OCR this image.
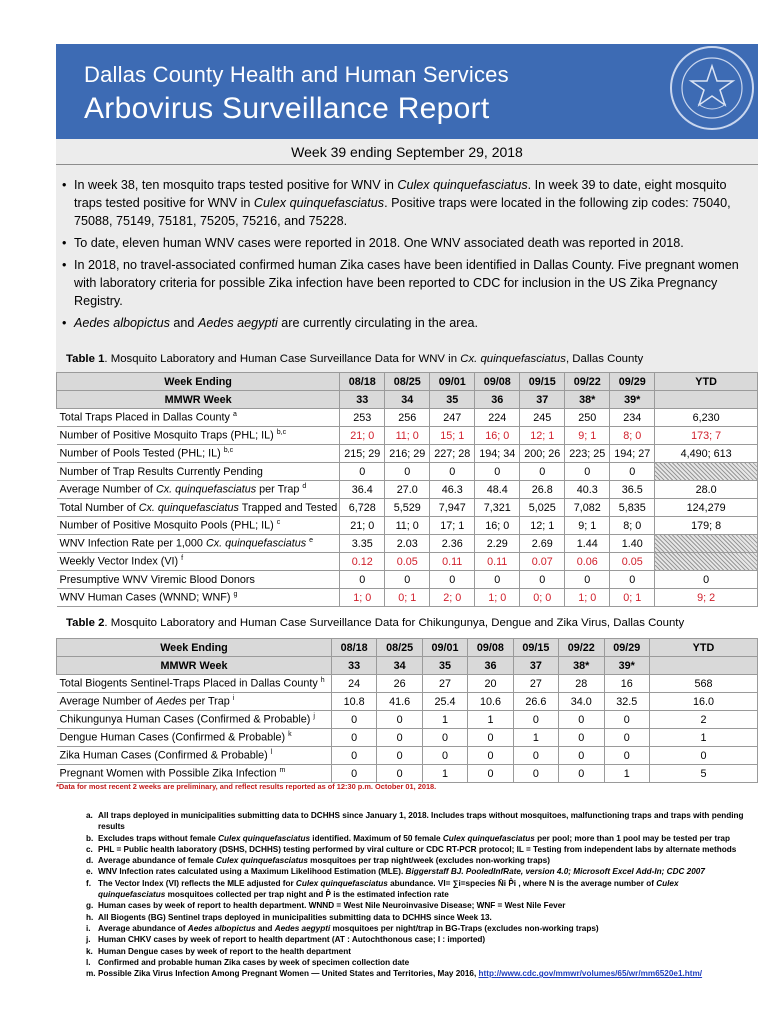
Dallas County Health and Human Services
Arbovirus Surveillance Report
Week 39 ending September 29, 2018
• In week 38, ten mosquito traps tested positive for WNV in Culex quinquefasciatus. In week 39 to date, eight mosquito traps tested positive for WNV in Culex quinquefasciatus. Positive traps were located in the following zip codes: 75040, 75088, 75149, 75181, 75205, 75216, and 75228.
• To date, eleven human WNV cases were reported in 2018. One WNV associated death was reported in 2018.
• In 2018, no travel-associated confirmed human Zika cases have been identified in Dallas County. Five pregnant women with laboratory criteria for possible Zika infection have been reported to CDC for inclusion in the US Zika Pregnancy Registry.
• Aedes albopictus and Aedes aegypti are currently circulating in the area.
Table 1. Mosquito Laboratory and Human Case Surveillance Data for WNV in Cx. quinquefasciatus, Dallas County
Week Ending	08/18	08/25	09/01	09/08	09/15	09/22	09/29	YTD
MMWR Week	33	34	35	36	37	38*	39*	
Total Traps Placed in Dallas County $^a$	253	256	247	224	245	250	234	6,230
Number of Positive Mosquito Traps (PHL; IL) $^{b,c}$	21; 0	11; 0	15; 1	16; 0	12; 1	9; 1	8; 0	173; 7
Number of Pools Tested (PHL; IL) $^{b,c}$	215; 29	216; 29	227; 28	194; 34	200; 26	223; 25	194; 27	4,490; 613
Number of Trap Results Currently Pending	0	0	0	0	0	0	0	
Average Number of Cx. quinquefasciatus per Trap $^d$	36.4	27.0	46.3	48.4	26.8	40.3	36.5	28.0
Total Number of Cx. quinquefasciatus Trapped and Tested	6,728	5,529	7,947	7,321	5,025	7,082	5,835	124,279
Number of Positive Mosquito Pools (PHL; IL) $^c$	21; 0	11; 0	17; 1	16; 0	12; 1	9; 1	8; 0	179; 8
WNV Infection Rate per 1,000 Cx. quinquefasciatus $^e$	3.35	2.03	2.36	2.29	2.69	1.44	1.40	
Weekly Vector Index (VI) $^f$	0.12	0.05	0.11	0.11	0.07	0.06	0.05	
Presumptive WNV Viremic Blood Donors	0	0	0	0	0	0	0	0
WNV Human Cases (WNND; WNF) $^g$	1; 0	0; 1	2; 0	1; 0	0; 0	1; 0	0; 1	9; 2
Table 2. Mosquito Laboratory and Human Case Surveillance Data for Chikungunya, Dengue and Zika Virus, Dallas County
Week Ending	08/18	08/25	09/01	09/08	09/15	09/22	09/29	YTD
MMWR Week	33	34	35	36	37	38*	39*	
Total Biogents Sentinel-Traps Placed in Dallas County $^h$	24	26	27	20	27	28	16	568
Average Number of Aedes per Trap $^i$	10.8	41.6	25.4	10.6	26.6	34.0	32.5	16.0
Chikungunya Human Cases (Confirmed & Probable) $^j$	0	0	1	1	0	0	0	2
Dengue Human Cases (Confirmed & Probable) $^k$	0	0	0	0	1	0	0	1
Zika Human Cases (Confirmed & Probable) $^l$	0	0	0	0	0	0	0	0
Pregnant Women with Possible Zika Infection $^m$	0	0	1	0	0	0	1	5
*Data for most recent 2 weeks are preliminary, and reflect results reported as of 12:30 p.m. October 01, 2018.
a. All traps deployed in municipalities submitting data to DCHHS since January 1, 2018. Includes traps without mosquitoes, malfunctioning traps and traps with pending results
b. Excludes traps without female Culex quinquefasciatus identified. Maximum of 50 female Culex quinquefasciatus per pool; more than 1 pool may be tested per trap
c. PHL = Public health laboratory (DSHS, DCHHS) testing performed by viral culture or CDC RT-PCR protocol; IL = Testing from independent labs by alternate methods
d. Average abundance of female Culex quinquefasciatus mosquitoes per trap night/week (excludes non-working traps)
e. WNV Infection rates calculated using a Maximum Likelihood Estimation (MLE). Biggerstaff BJ. PooledInfRate, version 4.0; Microsoft Excel Add-In; CDC 2007
f. The Vector Index (VI) reflects the MLE adjusted for Culex quinquefasciatus abundance. VI= ∑i=species N̄i P̂i , where N is the average number of Culex quinquefasciatus mosquitoes collected per trap night and P̂ is the estimated infection rate
g. Human cases by week of report to health department. WNND = West Nile Neuroinvasive Disease; WNF = West Nile Fever
h. All Biogents (BG) Sentinel traps deployed in municipalities submitting data to DCHHS since Week 13.
i. Average abundance of Aedes albopictus and Aedes aegypti mosquitoes per night/trap in BG-Traps (excludes non-working traps)
j. Human CHKV cases by week of report to health department (AT : Autochthonous case; I : imported)
k. Human Dengue cases by week of report to the health department
l. Confirmed and probable human Zika cases by week of specimen collection date
m. Possible Zika Virus Infection Among Pregnant Women — United States and Territories, May 2016, http://www.cdc.gov/mmwr/volumes/65/wr/mm6520e1.htm/
